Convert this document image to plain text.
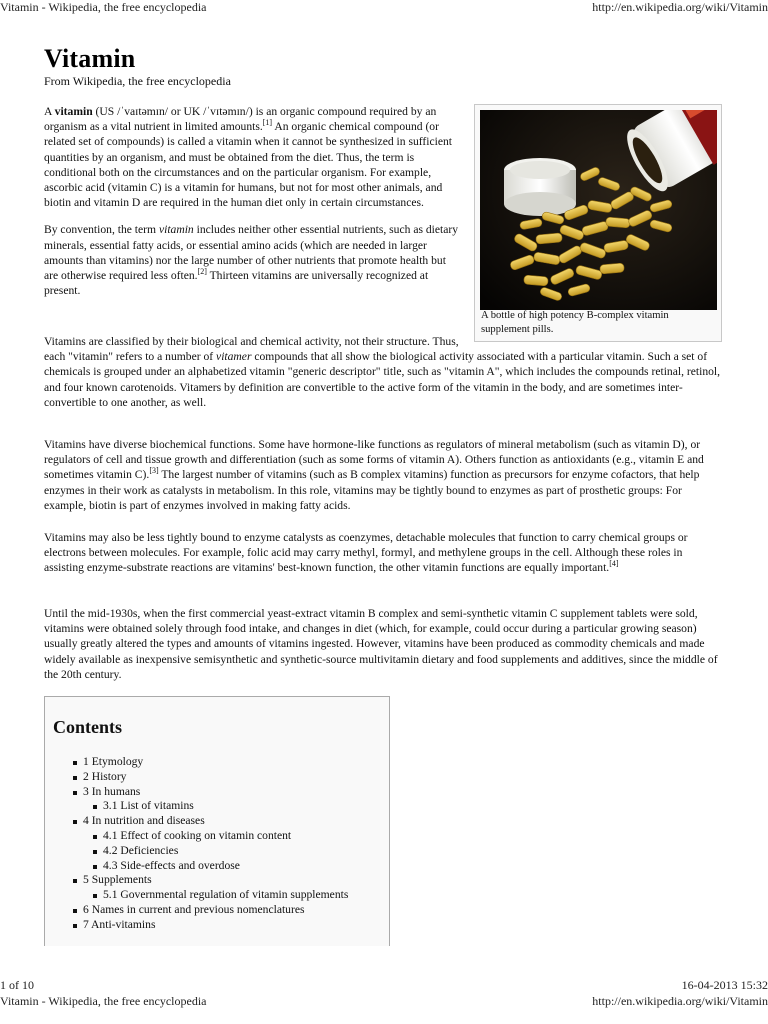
Vitamin - Wikipedia, the free encyclopedia	http://en.wikipedia.org/wiki/Vitamin
Vitamin
From Wikipedia, the free encyclopedia

A vitamin (US /ˈvaɪtəmɪn/ or UK /ˈvɪtəmɪn/) is an organic compound required by an organism as a vital nutrient in limited amounts.[1] An organic chemical compound (or related set of compounds) is called a vitamin when it cannot be synthesized in sufficient quantities by an organism, and must be obtained from the diet. Thus, the term is conditional both on the circumstances and on the particular organism. For example, ascorbic acid (vitamin C) is a vitamin for humans, but not for most other animals, and biotin and vitamin D are required in the human diet only in certain circumstances.

By convention, the term vitamin includes neither other essential nutrients, such as dietary minerals, essential fatty acids, or essential amino acids (which are needed in larger amounts than vitamins) nor the large number of other nutrients that promote health but are otherwise required less often.[2] Thirteen vitamins are universally recognized at present.

Vitamins are classified by their biological and chemical activity, not their structure. Thus, each "vitamin" refers to a number of vitamer compounds that all show the biological activity associated with a particular vitamin. Such a set of chemicals is grouped under an alphabetized vitamin "generic descriptor" title, such as "vitamin A", which includes the compounds retinal, retinol, and four known carotenoids. Vitamers by definition are convertible to the active form of the vitamin in the body, and are sometimes inter-convertible to one another, as well.

Vitamins have diverse biochemical functions. Some have hormone-like functions as regulators of mineral metabolism (such as vitamin D), or regulators of cell and tissue growth and differentiation (such as some forms of vitamin A). Others function as antioxidants (e.g., vitamin E and sometimes vitamin C).[3] The largest number of vitamins (such as B complex vitamins) function as precursors for enzyme cofactors, that help enzymes in their work as catalysts in metabolism. In this role, vitamins may be tightly bound to enzymes as part of prosthetic groups: For example, biotin is part of enzymes involved in making fatty acids.

Vitamins may also be less tightly bound to enzyme catalysts as coenzymes, detachable molecules that function to carry chemical groups or electrons between molecules. For example, folic acid may carry methyl, formyl, and methylene groups in the cell. Although these roles in assisting enzyme-substrate reactions are vitamins' best-known function, the other vitamin functions are equally important.[4]

Until the mid-1930s, when the first commercial yeast-extract vitamin B complex and semi-synthetic vitamin C supplement tablets were sold, vitamins were obtained solely through food intake, and changes in diet (which, for example, could occur during a particular growing season) usually greatly altered the types and amounts of vitamins ingested. However, vitamins have been produced as commodity chemicals and made widely available as inexpensive semisynthetic and synthetic-source multivitamin dietary and food supplements and additives, since the middle of the 20th century.

A bottle of high potency B-complex vitamin supplement pills.
Contents
1 Etymology
2 History
3 In humans
3.1 List of vitamins
4 In nutrition and diseases
4.1 Effect of cooking on vitamin content
4.2 Deficiencies
4.3 Side-effects and overdose
5 Supplements
5.1 Governmental regulation of vitamin supplements
6 Names in current and previous nomenclatures
7 Anti-vitamins
1 of 10	16-04-2013 15:32
Vitamin - Wikipedia, the free encyclopedia	http://en.wikipedia.org/wiki/Vitamin
